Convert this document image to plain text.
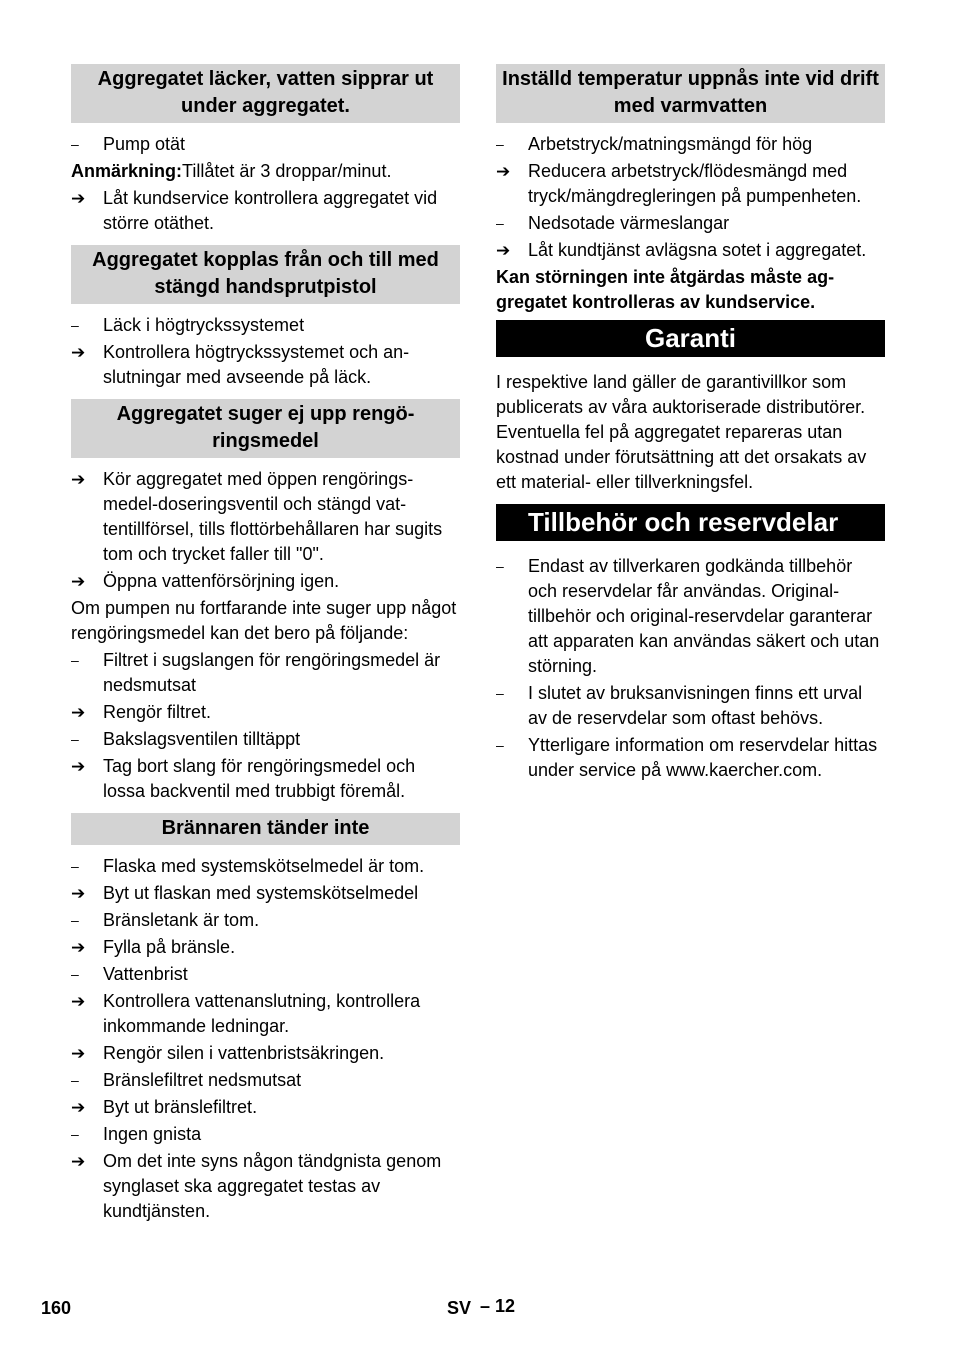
Aggregatet läcker, vatten sipprar ut under aggregatet.
–	Pump otät
Anmärkning:Tillåtet är 3 droppar/minut.
➔ Låt kundservice kontrollera aggregatet vid större otäthet.
Aggregatet kopplas från och till med stängd handsprutpistol
–	Läck i högtryckssystemet
➔ Kontrollera högtryckssystemet och anslutningar med avseende på läck.
Aggregatet suger ej upp rengöringsmedel
➔ Kör aggregatet med öppen rengöringsmedel-doseringsventil och stängd vattentillförsel, tills flottörbehållaren har sugits tom och trycket faller till "0".
➔ Öppna vattenförsörjning igen.
Om pumpen nu fortfarande inte suger upp något rengöringsmedel kan det bero på följande:
–	Filtret i sugslangen för rengöringsmedel är nedsmutsat
➔ Rengör filtret.
–	Bakslagsventilen tilltäppt
➔ Tag bort slang för rengöringsmedel och lossa backventil med trubbigt föremål.
Brännaren tänder inte
–	Flaska med systemskötselmedel är tom.
➔ Byt ut flaskan med systemskötselmedel
–	Bränsletank är tom.
➔ Fylla på bränsle.
–	Vattenbrist
➔ Kontrollera vattenanslutning, kontrollera inkommande ledningar.
➔ Rengör silen i vattenbristsäkringen.
–	Bränslefiltret nedsmutsat
➔ Byt ut bränslefiltret.
–	Ingen gnista
➔ Om det inte syns någon tändgnista genom synglaset ska aggregatet testas av kundtjänsten.
Inställd temperatur uppnås inte vid drift med varmvatten
–	Arbetstryck/matningsmängd för hög
➔ Reducera arbetstryck/flödesmängd med tryck/mängdregleringen på pumpenheten.
–	Nedsotade värmeslangar
➔ Låt kundtjänst avlägsna sotet i aggregatet.
Kan störningen inte åtgärdas måste aggregatet kontrolleras av kundservice.
Garanti
I respektive land gäller de garantivillkor som publicerats av våra auktoriserade distributörer. Eventuella fel på aggregatet repareras utan kostnad under förutsättning att det orsakats av ett material- eller tillverkningsfel.
Tillbehör och reservdelar
–	Endast av tillverkaren godkända tillbehör och reservdelar får användas. Original-tillbehör och original-reservdelar garanterar att apparaten kan användas säkert och utan störning.
–	I slutet av bruksanvisningen finns ett urval av de reservdelar som oftast behövs.
–	Ytterligare information om reservdelar hittas under service på www.kaercher.com.
160	SV – 12
